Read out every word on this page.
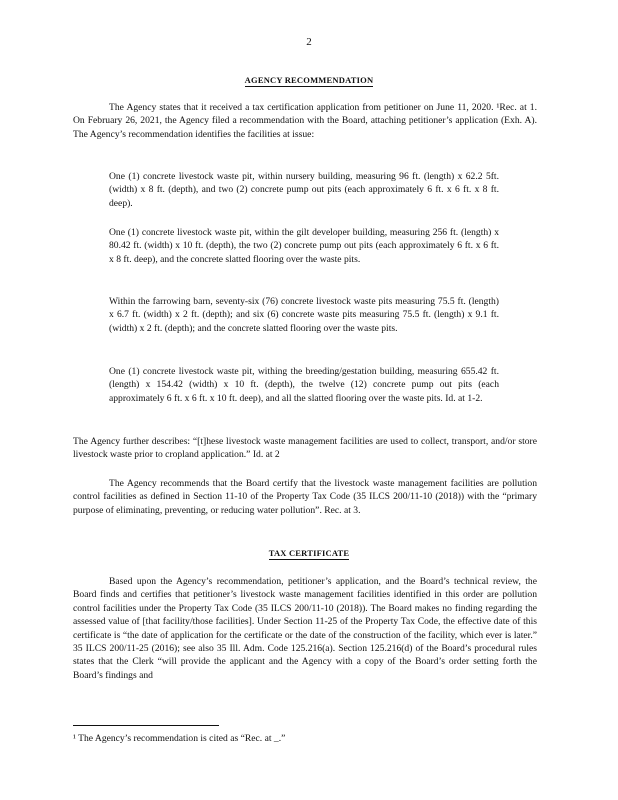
2
AGENCY RECOMMENDATION
The Agency states that it received a tax certification application from petitioner on June 11, 2020. ¹Rec. at 1. On February 26, 2021, the Agency filed a recommendation with the Board, attaching petitioner’s application (Exh. A). The Agency’s recommendation identifies the facilities at issue:
One (1) concrete livestock waste pit, within nursery building, measuring 96 ft. (length) x 62.2 5ft. (width) x 8 ft. (depth), and two (2) concrete pump out pits (each approximately 6 ft. x 6 ft. x 8 ft. deep).
One (1) concrete livestock waste pit, within the gilt developer building, measuring 256 ft. (length) x 80.42 ft. (width) x 10 ft. (depth), the two (2) concrete pump out pits (each approximately 6 ft. x 6 ft. x 8 ft. deep), and the concrete slatted flooring over the waste pits.
Within the farrowing barn, seventy-six (76) concrete livestock waste pits measuring 75.5 ft. (length) x 6.7 ft. (width) x 2 ft. (depth); and six (6) concrete waste pits measuring 75.5 ft. (length) x 9.1 ft. (width) x 2 ft. (depth); and the concrete slatted flooring over the waste pits.
One (1) concrete livestock waste pit, withing the breeding/gestation building, measuring 655.42 ft. (length) x 154.42 (width) x 10 ft. (depth), the twelve (12) concrete pump out pits (each approximately 6 ft. x 6 ft. x 10 ft. deep), and all the slatted flooring over the waste pits. Id. at 1-2.
The Agency further describes: “[t]hese livestock waste management facilities are used to collect, transport, and/or store livestock waste prior to cropland application.” Id. at 2
The Agency recommends that the Board certify that the livestock waste management facilities are pollution control facilities as defined in Section 11-10 of the Property Tax Code (35 ILCS 200/11-10 (2018)) with the “primary purpose of eliminating, preventing, or reducing water pollution”. Rec. at 3.
TAX CERTIFICATE
Based upon the Agency’s recommendation, petitioner’s application, and the Board’s technical review, the Board finds and certifies that petitioner’s livestock waste management facilities identified in this order are pollution control facilities under the Property Tax Code (35 ILCS 200/11-10 (2018)). The Board makes no finding regarding the assessed value of [that facility/those facilities]. Under Section 11-25 of the Property Tax Code, the effective date of this certificate is “the date of application for the certificate or the date of the construction of the facility, which ever is later.” 35 ILCS 200/11-25 (2016); see also 35 Ill. Adm. Code 125.216(a). Section 125.216(d) of the Board’s procedural rules states that the Clerk “will provide the applicant and the Agency with a copy of the Board’s order setting forth the Board’s findings and
¹ The Agency’s recommendation is cited as “Rec. at _.”
